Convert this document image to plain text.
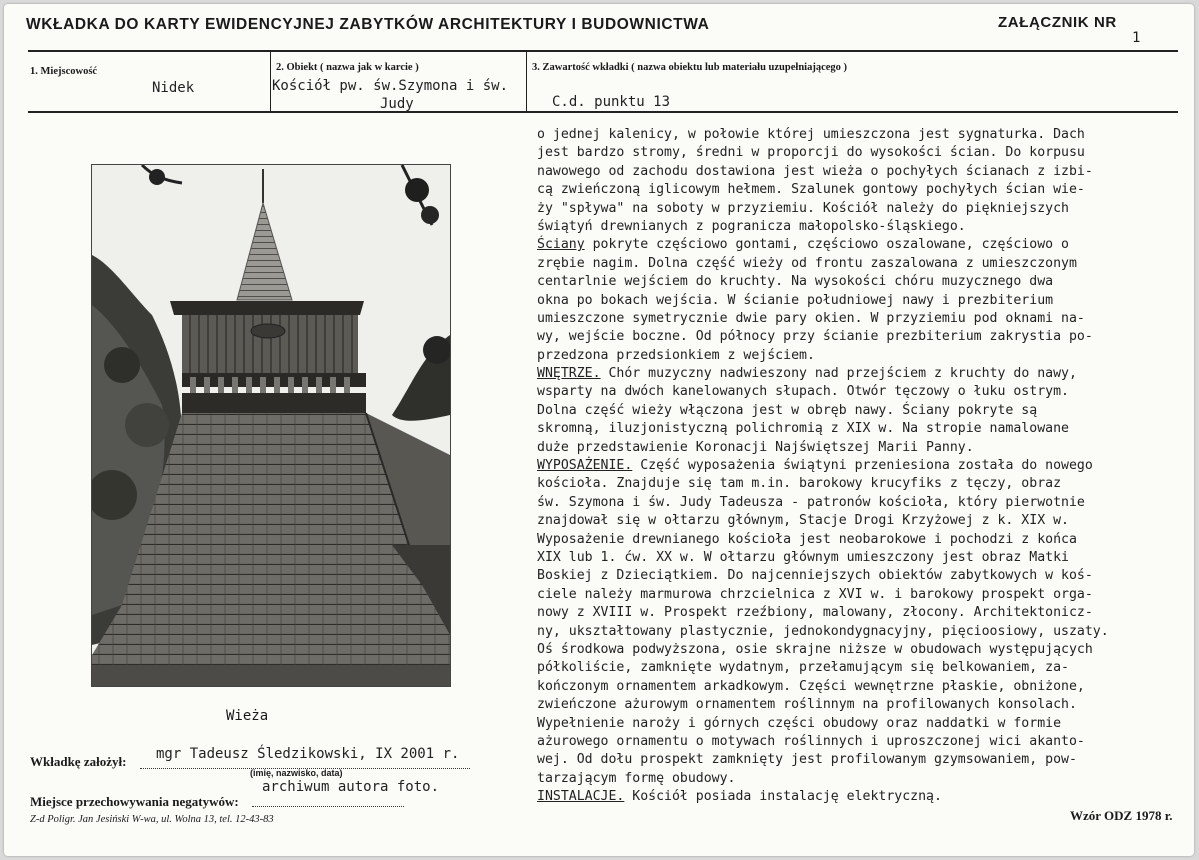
WKŁADKA DO KARTY EWIDENCYJNEJ ZABYTKÓW ARCHITEKTURY I BUDOWNICTWA	ZAŁĄCZNIK NR
1
1. Miejscowość
Nidek
2. Obiekt ( nazwa jak w karcie )
Kościół pw. św.Szymona i św.
Judy
3. Zawartość wkładki ( nazwa obiektu lub materiału uzupełniającego )
C.d. punktu 13
Wieża
o jednej kalenicy, w połowie której umieszczona jest sygnaturka. Dach
jest bardzo stromy, średni w proporcji do wysokości ścian. Do korpusu
nawowego od zachodu dostawiona jest wieża o pochyłych ścianach z izbi-
cą zwieńczoną iglicowym hełmem. Szalunek gontowy pochyłych ścian wie-
ży "spływa" na soboty w przyziemiu. Kościół należy do piękniejszych
świątyń drewnianych z pogranicza małopolsko-śląskiego.
Ściany pokryte częściowo gontami, częściowo oszalowane, częściowo o
zrębie nagim. Dolna część wieży od frontu zaszalowana z umieszczonym
centarlnie wejściem do kruchty. Na wysokości chóru muzycznego dwa
okna po bokach wejścia. W ścianie południowej nawy i prezbiterium
umieszczone symetrycznie dwie pary okien. W przyziemiu pod oknami na-
wy, wejście boczne. Od północy przy ścianie prezbiterium zakrystia po-
przedzona przedsionkiem z wejściem.
WNĘTRZE. Chór muzyczny nadwieszony nad przejściem z kruchty do nawy,
wsparty na dwóch kanelowanych słupach. Otwór tęczowy o łuku ostrym.
Dolna część wieży włączona jest w obręb nawy. Ściany pokryte są
skromną, iluzjonistyczną polichromią z XIX w. Na stropie namalowane
duże przedstawienie Koronacji Najświętszej Marii Panny.
WYPOSAŻENIE. Część wyposażenia świątyni przeniesiona została do nowego
kościoła. Znajduje się tam m.in. barokowy krucyfiks z tęczy, obraz
św. Szymona i św. Judy Tadeusza - patronów kościoła, który pierwotnie
znajdował się w ołtarzu głównym, Stacje Drogi Krzyżowej z k. XIX w.
Wyposażenie drewnianego kościoła jest neobarokowe i pochodzi z końca
XIX lub 1. ćw. XX w. W ołtarzu głównym umieszczony jest obraz Matki
Boskiej z Dzieciątkiem. Do najcenniejszych obiektów zabytkowych w koś-
ciele należy marmurowa chrzcielnica z XVI w. i barokowy prospekt orga-
nowy z XVIII w. Prospekt rzeźbiony, malowany, złocony. Architektonicz-
ny, ukształtowany plastycznie, jednokondygnacyjny, pięcioosiowy, uszaty.
Oś środkowa podwyższona, osie skrajne niższe w obudowach występujących
półkoliście, zamknięte wydatnym, przełamującym się belkowaniem, za-
kończonym ornamentem arkadkowym. Części wewnętrzne płaskie, obniżone,
zwieńczone ażurowym ornamentem roślinnym na profilowanych konsolach.
Wypełnienie naroży i górnych części obudowy oraz naddatki w formie
ażurowego ornamentu o motywach roślinnych i uproszczonej wici akanto-
wej. Od dołu prospekt zamknięty jest profilowanym gzymsowaniem, pow-
tarzającym formę obudowy.
INSTALACJE. Kościół posiada instalację elektryczną.
Wkładkę założył: mgr Tadeusz Śledzikowski, IX 2001 r.
(imię, nazwisko, data)
archiwum autora foto.
Miejsce przechowywania negatywów:
Z-d Poligr. Jan Jesiński W-wa, ul. Wolna 13, tel. 12-43-83	Wzór ODZ 1978 r.
